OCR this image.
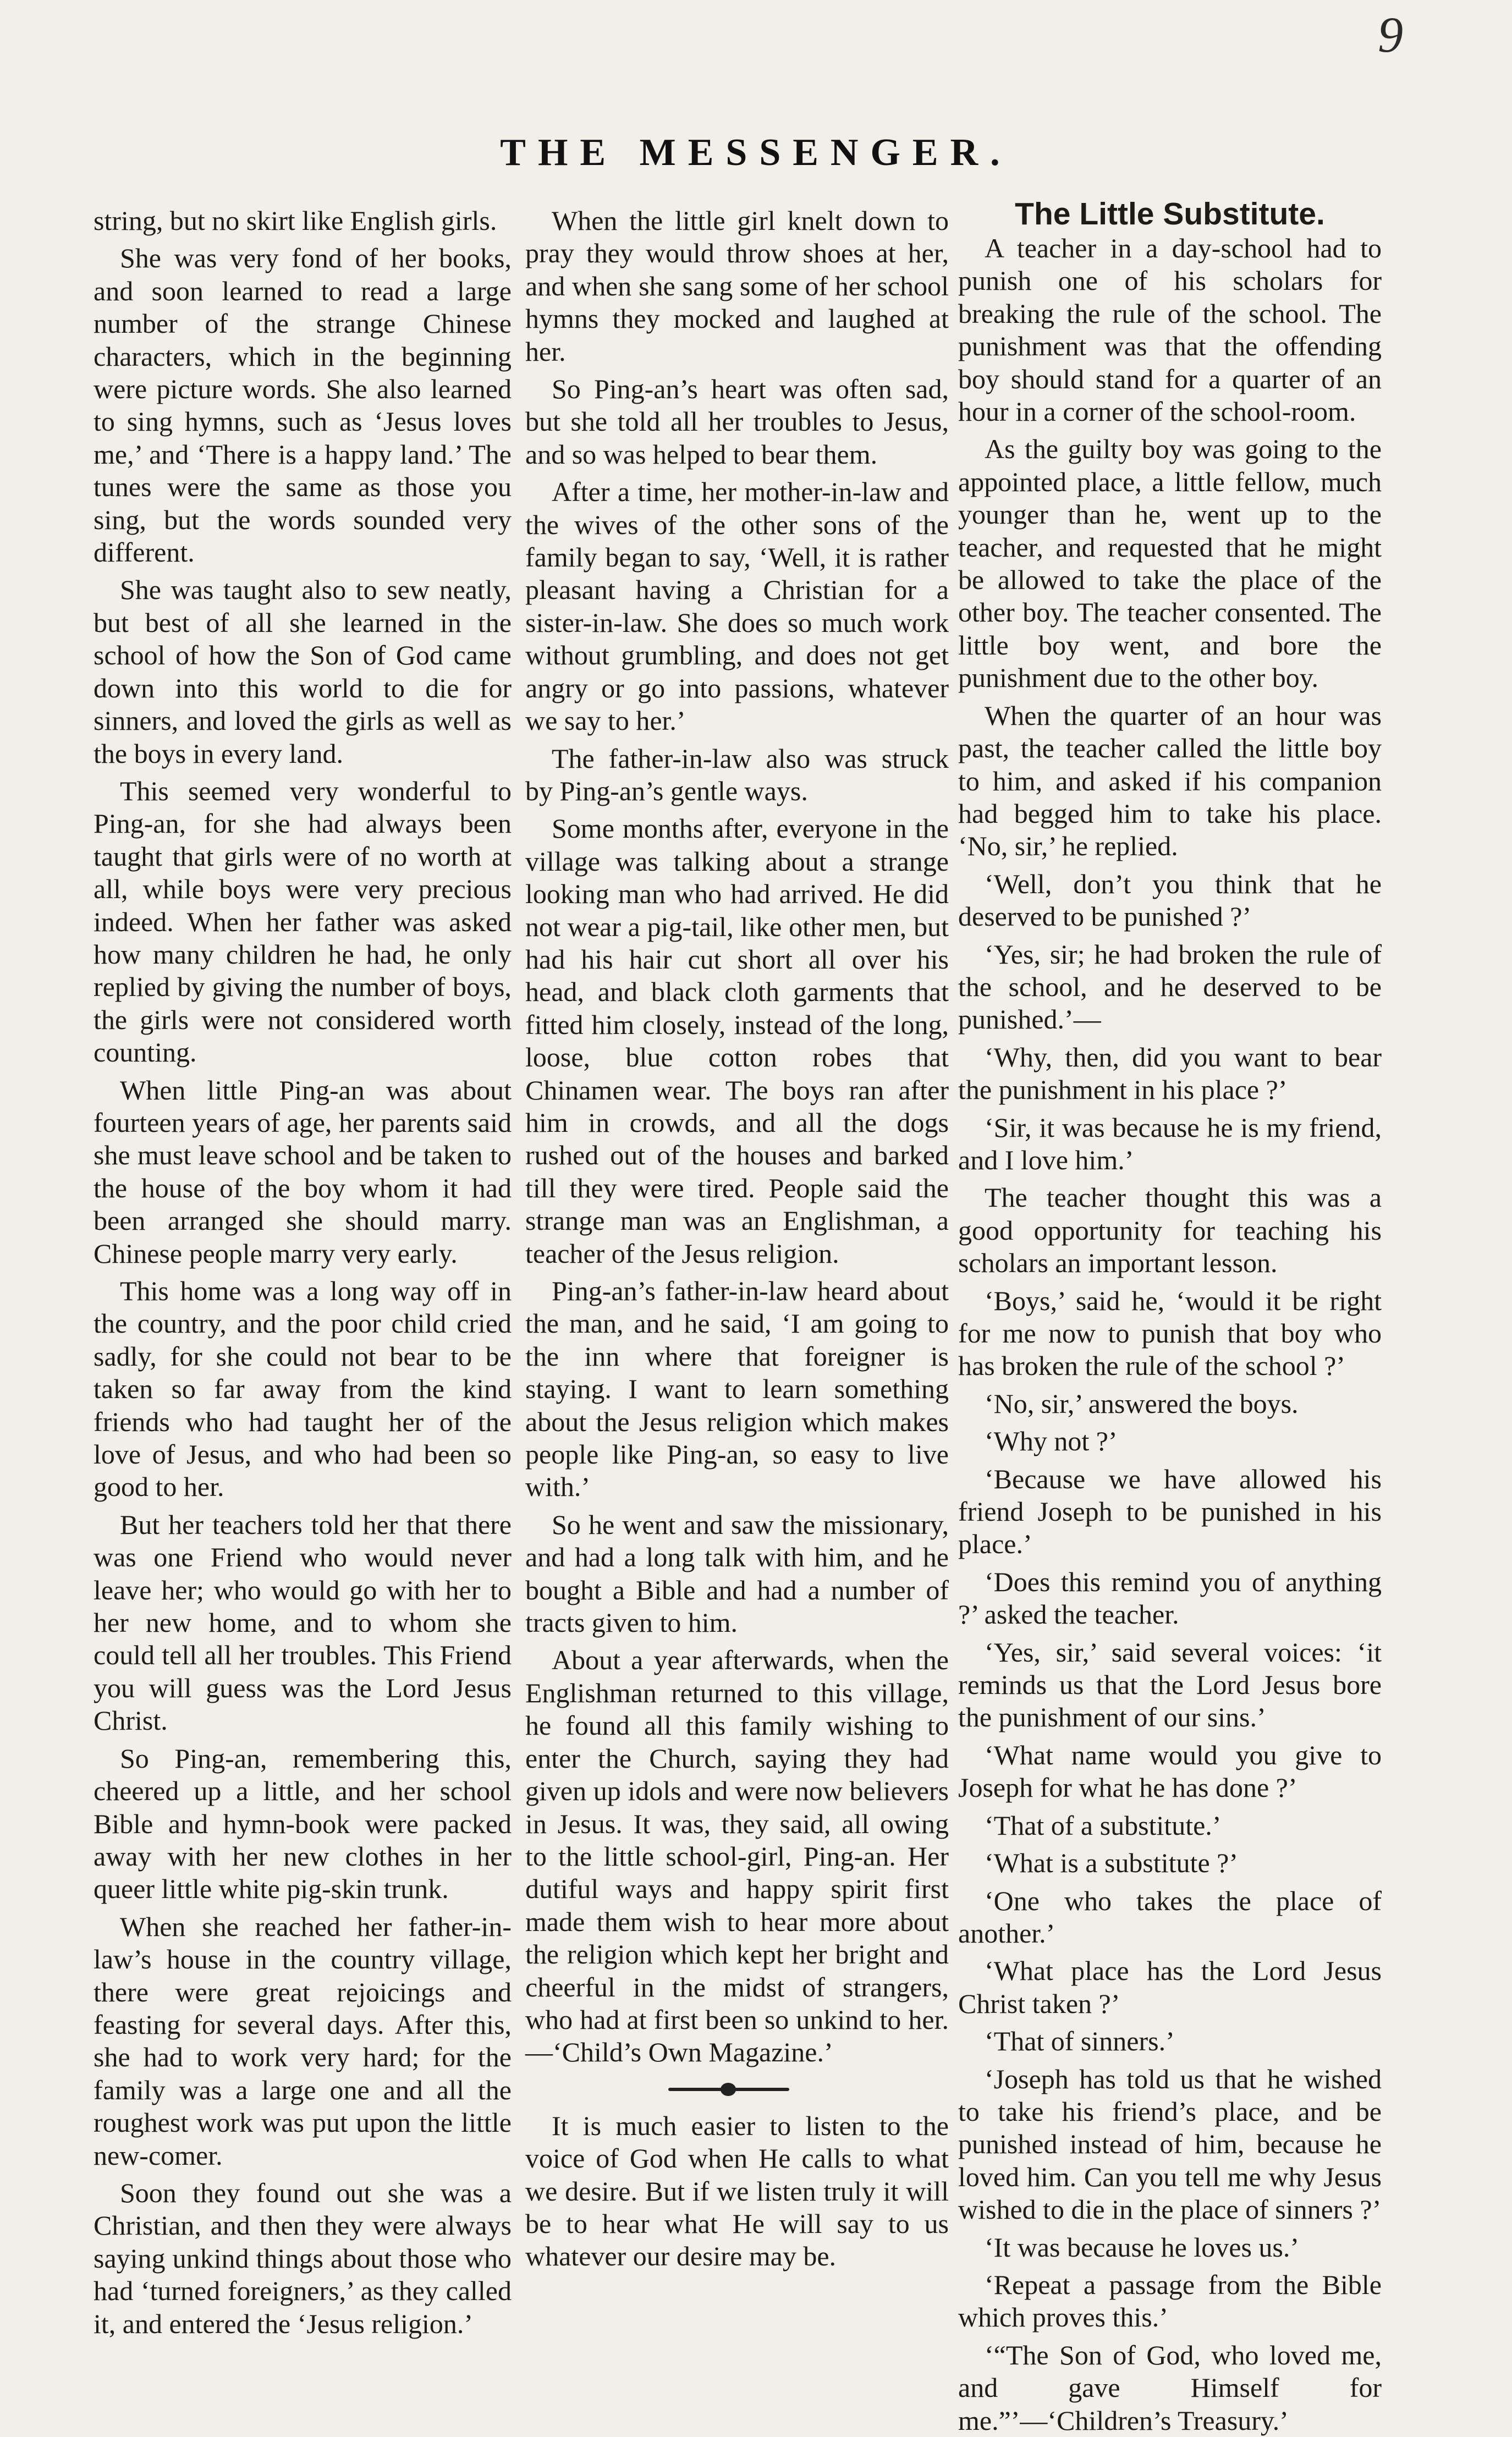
9
THE MESSENGER.

string, but no skirt like English girls.

She was very fond of her books, and soon learned to read a large number of the strange Chinese characters, which in the beginning were picture words. She also learned to sing hymns, such as ‘Jesus loves me,’ and ‘There is a happy land.’ The tunes were the same as those you sing, but the words sounded very different.

She was taught also to sew neatly, but best of all she learned in the school of how the Son of God came down into this world to die for sinners, and loved the girls as well as the boys in every land.

This seemed very wonderful to Ping-an, for she had always been taught that girls were of no worth at all, while boys were very precious indeed. When her father was asked how many children he had, he only replied by giving the number of boys, the girls were not considered worth counting.

When little Ping-an was about fourteen years of age, her parents said she must leave school and be taken to the house of the boy whom it had been arranged she should marry. Chinese people marry very early.

This home was a long way off in the country, and the poor child cried sadly, for she could not bear to be taken so far away from the kind friends who had taught her of the love of Jesus, and who had been so good to her.

But her teachers told her that there was one Friend who would never leave her; who would go with her to her new home, and to whom she could tell all her troubles. This Friend you will guess was the Lord Jesus Christ.

So Ping-an, remembering this, cheered up a little, and her school Bible and hymn-book were packed away with her new clothes in her queer little white pig-skin trunk.

When she reached her father-in-law’s house in the country village, there were great rejoicings and feasting for several days. After this, she had to work very hard; for the family was a large one and all the roughest work was put upon the little new-comer.

Soon they found out she was a Christian, and then they were always saying unkind things about those who had ‘turned foreigners,’ as they called it, and entered the ‘Jesus religion.’

When the little girl knelt down to pray they would throw shoes at her, and when she sang some of her school hymns they mocked and laughed at her.

So Ping-an’s heart was often sad, but she told all her troubles to Jesus, and so was helped to bear them.

After a time, her mother-in-law and the wives of the other sons of the family began to say, ‘Well, it is rather pleasant having a Christian for a sister-in-law. She does so much work without grumbling, and does not get angry or go into passions, whatever we say to her.’

The father-in-law also was struck by Ping-an’s gentle ways.

Some months after, everyone in the village was talking about a strange looking man who had arrived. He did not wear a pig-tail, like other men, but had his hair cut short all over his head, and black cloth garments that fitted him closely, instead of the long, loose, blue cotton robes that Chinamen wear. The boys ran after him in crowds, and all the dogs rushed out of the houses and barked till they were tired. People said the strange man was an Englishman, a teacher of the Jesus religion.

Ping-an’s father-in-law heard about the man, and he said, ‘I am going to the inn where that foreigner is staying. I want to learn something about the Jesus religion which makes people like Ping-an, so easy to live with.’

So he went and saw the missionary, and had a long talk with him, and he bought a Bible and had a number of tracts given to him.

About a year afterwards, when the Englishman returned to this village, he found all this family wishing to enter the Church, saying they had given up idols and were now believers in Jesus. It was, they said, all owing to the little school-girl, Ping-an. Her dutiful ways and happy spirit first made them wish to hear more about the religion which kept her bright and cheerful in the midst of strangers, who had at first been so unkind to her.—‘Child’s Own Magazine.’

It is much easier to listen to the voice of God when He calls to what we desire. But if we listen truly it will be to hear what He will say to us whatever our desire may be.

The Little Substitute.

A teacher in a day-school had to punish one of his scholars for breaking the rule of the school. The punishment was that the offending boy should stand for a quarter of an hour in a corner of the school-room.

As the guilty boy was going to the appointed place, a little fellow, much younger than he, went up to the teacher, and requested that he might be allowed to take the place of the other boy. The teacher consented. The little boy went, and bore the punishment due to the other boy.

When the quarter of an hour was past, the teacher called the little boy to him, and asked if his companion had begged him to take his place. ‘No, sir,’ he replied.

‘Well, don’t you think that he deserved to be punished ?’

‘Yes, sir; he had broken the rule of the school, and he deserved to be punished.’—

‘Why, then, did you want to bear the punishment in his place ?’

‘Sir, it was because he is my friend, and I love him.’

The teacher thought this was a good opportunity for teaching his scholars an important lesson.

‘Boys,’ said he, ‘would it be right for me now to punish that boy who has broken the rule of the school ?’

‘No, sir,’ answered the boys.

‘Why not ?’

‘Because we have allowed his friend Joseph to be punished in his place.’

‘Does this remind you of anything ?’ asked the teacher.

‘Yes, sir,’ said several voices: ‘it reminds us that the Lord Jesus bore the punishment of our sins.’

‘What name would you give to Joseph for what he has done ?’

‘That of a substitute.’

‘What is a substitute ?’

‘One who takes the place of another.’

‘What place has the Lord Jesus Christ taken ?’

‘That of sinners.’

‘Joseph has told us that he wished to take his friend’s place, and be punished instead of him, because he loved him. Can you tell me why Jesus wished to die in the place of sinners ?’

‘It was because he loves us.’

‘Repeat a passage from the Bible which proves this.’

‘“The Son of God, who loved me, and gave Himself for me.”’—‘Children’s Treasury.’
